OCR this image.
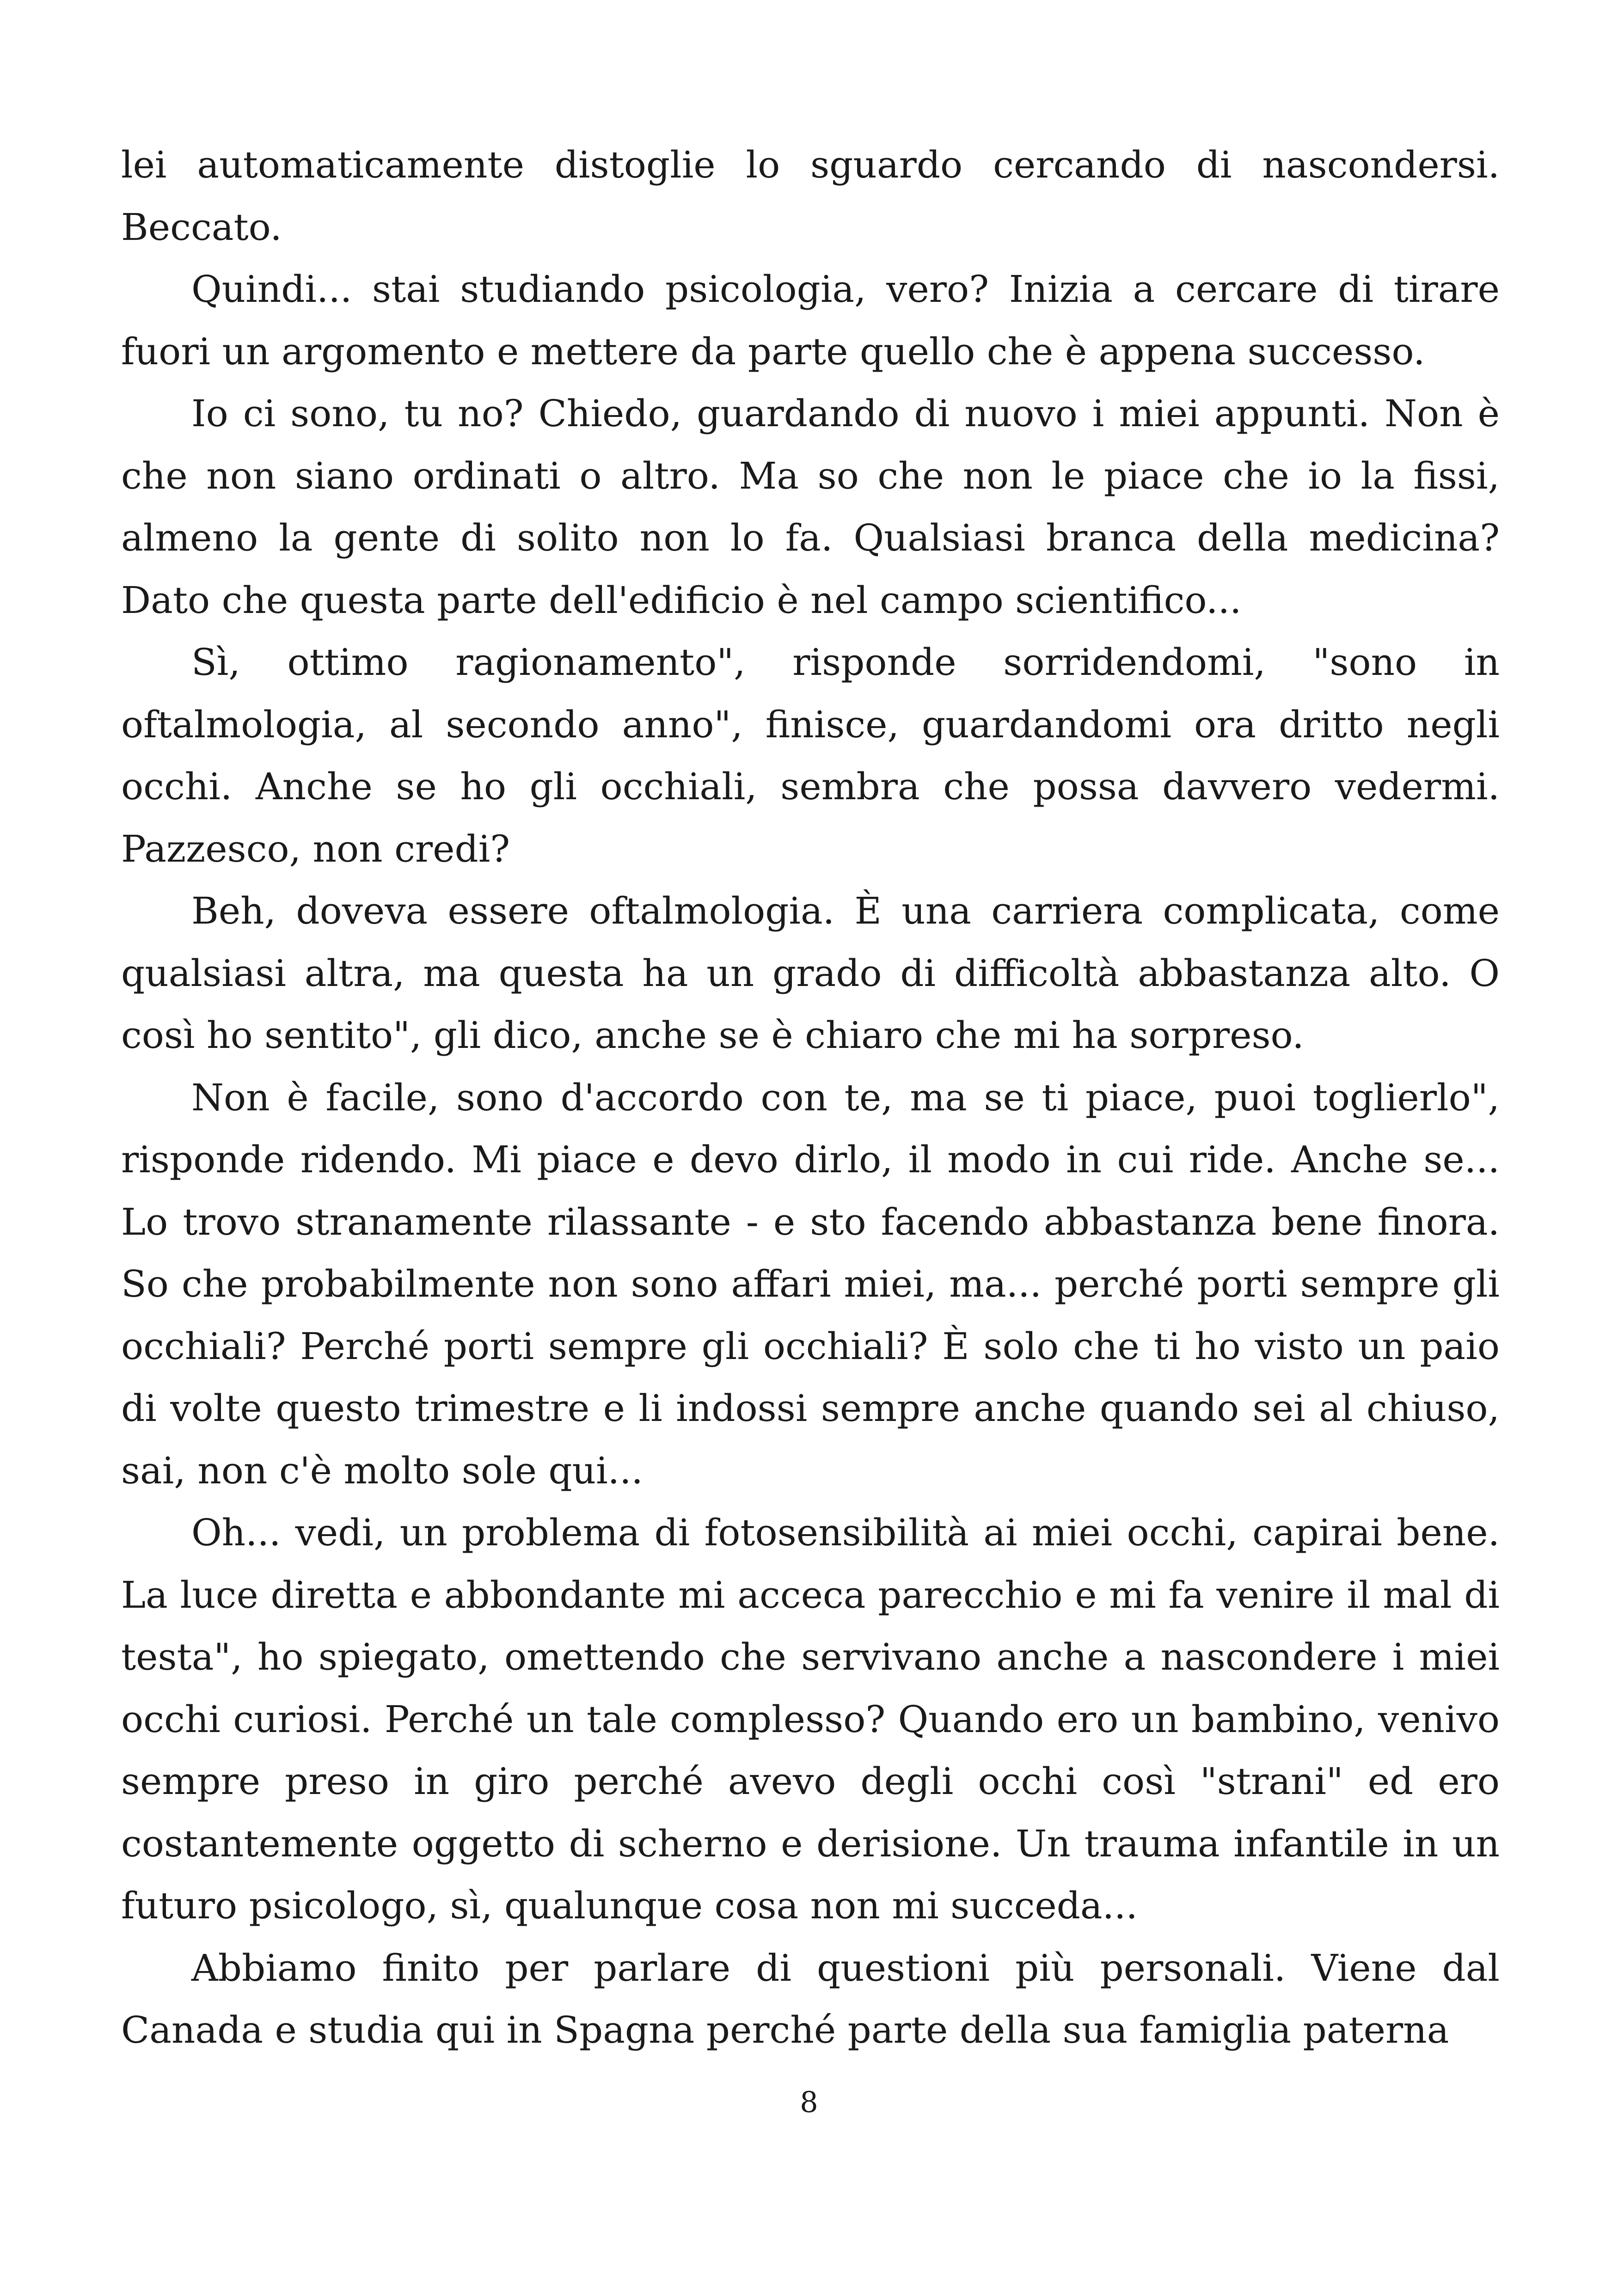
lei automaticamente distoglie lo sguardo cercando di nascondersi. Beccato.

Quindi... stai studiando psicologia, vero? Inizia a cercare di tirare fuori un argomento e mettere da parte quello che è appena successo.

Io ci sono, tu no? Chiedo, guardando di nuovo i miei appunti. Non è che non siano ordinati o altro. Ma so che non le piace che io la fissi, almeno la gente di solito non lo fa. Qualsiasi branca della medicina? Dato che questa parte dell'edificio è nel campo scientifico...

Sì, ottimo ragionamento", risponde sorridendomi, "sono in oftalmologia, al secondo anno", finisce, guardandomi ora dritto negli occhi. Anche se ho gli occhiali, sembra che possa davvero vedermi. Pazzesco, non credi?

Beh, doveva essere oftalmologia. È una carriera complicata, come qualsiasi altra, ma questa ha un grado di difficoltà abbastanza alto. O così ho sentito", gli dico, anche se è chiaro che mi ha sorpreso.

Non è facile, sono d'accordo con te, ma se ti piace, puoi toglierlo", risponde ridendo. Mi piace e devo dirlo, il modo in cui ride. Anche se... Lo trovo stranamente rilassante - e sto facendo abbastanza bene finora. So che probabilmente non sono affari miei, ma... perché porti sempre gli occhiali? Perché porti sempre gli occhiali? È solo che ti ho visto un paio di volte questo trimestre e li indossi sempre anche quando sei al chiuso, sai, non c'è molto sole qui...

Oh... vedi, un problema di fotosensibilità ai miei occhi, capirai bene. La luce diretta e abbondante mi acceca parecchio e mi fa venire il mal di testa", ho spiegato, omettendo che servivano anche a nascondere i miei occhi curiosi. Perché un tale complesso? Quando ero un bambino, venivo sempre preso in giro perché avevo degli occhi così "strani" ed ero costantemente oggetto di scherno e derisione. Un trauma infantile in un futuro psicologo, sì, qualunque cosa non mi succeda...

Abbiamo finito per parlare di questioni più personali. Viene dal Canada e studia qui in Spagna perché parte della sua famiglia paterna

8
